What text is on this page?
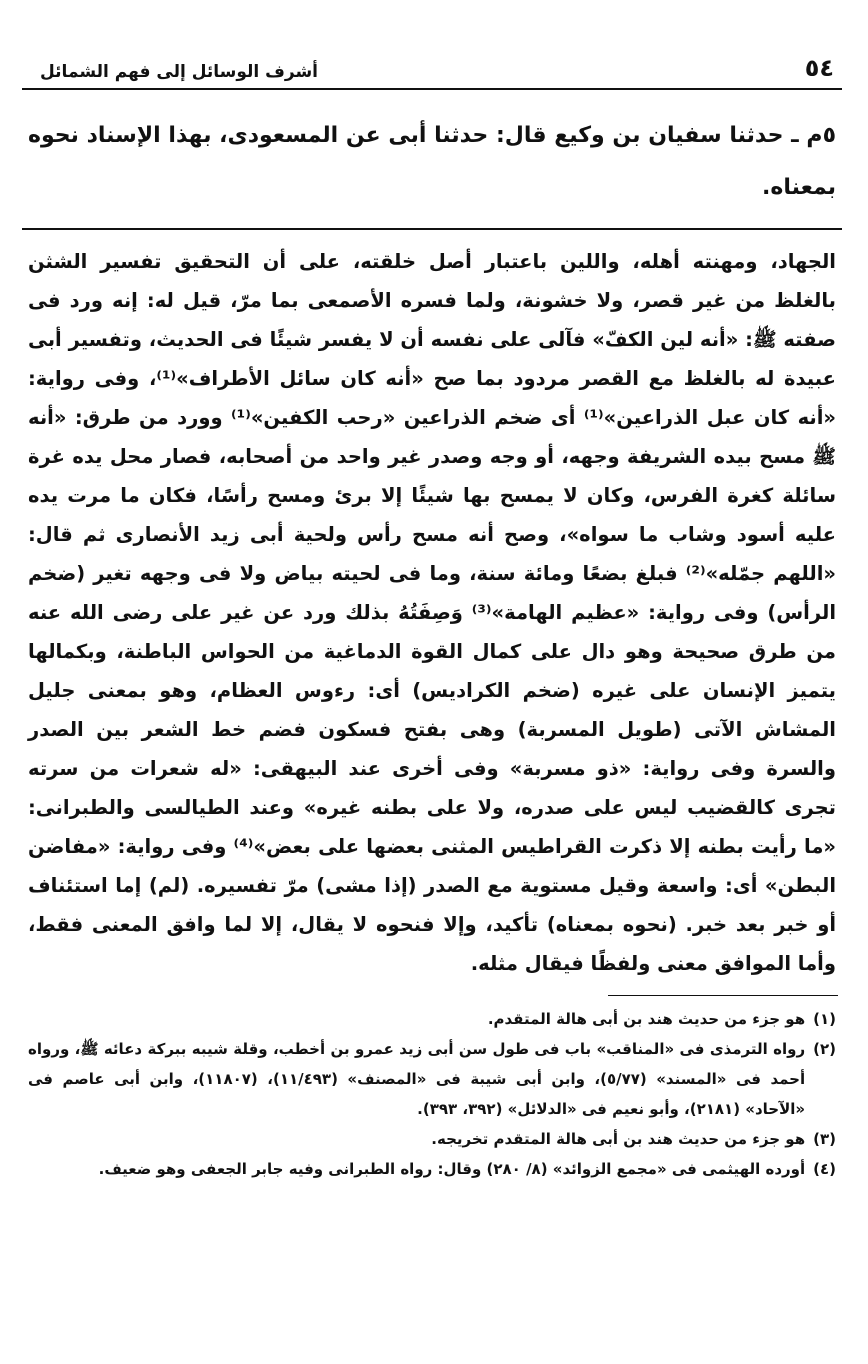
٥٤
أشرف الوسائل إلى فهم الشمائل
٥م ـ حدثنا سفيان بن وكيع قال: حدثنا أبى عن المسعودى، بهذا الإسناد نحوه بمعناه.

الجهاد، ومهنته أهله، واللين باعتبار أصل خلقته، على أن التحقيق تفسير الشثن بالغلظ من غير قصر، ولا خشونة، ولما فسره الأصمعى بما مرّ، قيل له: إنه ورد فى صفته ﷺ: «أنه لين الكفّ» فآلى على نفسه أن لا يفسر شيئًا فى الحديث، وتفسير أبى عبيدة له بالغلظ مع القصر مردود بما صح «أنه كان سائل الأطراف»⁽¹⁾، وفى رواية: «أنه كان عبل الذراعين»⁽¹⁾ أى ضخم الذراعين «رحب الكفين»⁽¹⁾ وورد من طرق: «أنه ﷺ مسح بيده الشريفة وجهه، أو وجه وصدر غير واحد من أصحابه، فصار محل يده غرة سائلة كغرة الفرس، وكان لا يمسح بها شيئًا إلا برئ ومسح رأسًا، فكان ما مرت يده عليه أسود وشاب ما سواه»، وصح أنه مسح رأس ولحية أبى زيد الأنصارى ثم قال: «اللهم جمّله»⁽²⁾ فبلغ بضعًا ومائة سنة، وما فى لحيته بياض ولا فى وجهه تغير (ضخم الرأس) وفى رواية: «عظيم الهامة»⁽³⁾ وَصِفَتُهُ بذلك ورد عن غير على رضى الله عنه من طرق صحيحة وهو دال على كمال القوة الدماغية من الحواس الباطنة، وبكمالها يتميز الإنسان على غيره (ضخم الكراديس) أى: رءوس العظام، وهو بمعنى جليل المشاش الآتى (طويل المسربة) وهى بفتح فسكون فضم خط الشعر بين الصدر والسرة وفى رواية: «ذو مسربة» وفى أخرى عند البيهقى: «له شعرات من سرته تجرى كالقضيب ليس على صدره، ولا على بطنه غيره» وعند الطيالسى والطبرانى: «ما رأيت بطنه إلا ذكرت القراطيس المثنى بعضها على بعض»⁽⁴⁾ وفى رواية: «مفاضن البطن» أى: واسعة وقيل مستوية مع الصدر (إذا مشى) مرّ تفسيره. (لم) إما استئناف أو خبر بعد خبر. (نحوه بمعناه) تأكيد، وإلا فنحوه لا يقال، إلا لما وافق المعنى فقط، وأما الموافق معنى ولفظًا فيقال مثله.

(١)
هو جزء من حديث هند بن أبى هالة المتقدم.
(٢)
رواه الترمذى فى «المناقب» باب فى طول سن أبى زيد عمرو بن أخطب، وقلة شيبه ببركة دعائه ﷺ، ورواه أحمد فى «المسند» (٥/٧٧)، وابن أبى شيبة فى «المصنف» (١١/٤٩٣)، (١١٨٠٧)، وابن أبى عاصم فى «الآحاد» (٢١٨١)، وأبو نعيم فى «الدلائل» (٣٩٢، ٣٩٣).
(٣)
هو جزء من حديث هند بن أبى هالة المتقدم تخريجه.
(٤)
أورده الهيثمى فى «مجمع الزوائد» (٨/ ٢٨٠) وقال: رواه الطبرانى وفيه جابر الجعفى وهو ضعيف.
